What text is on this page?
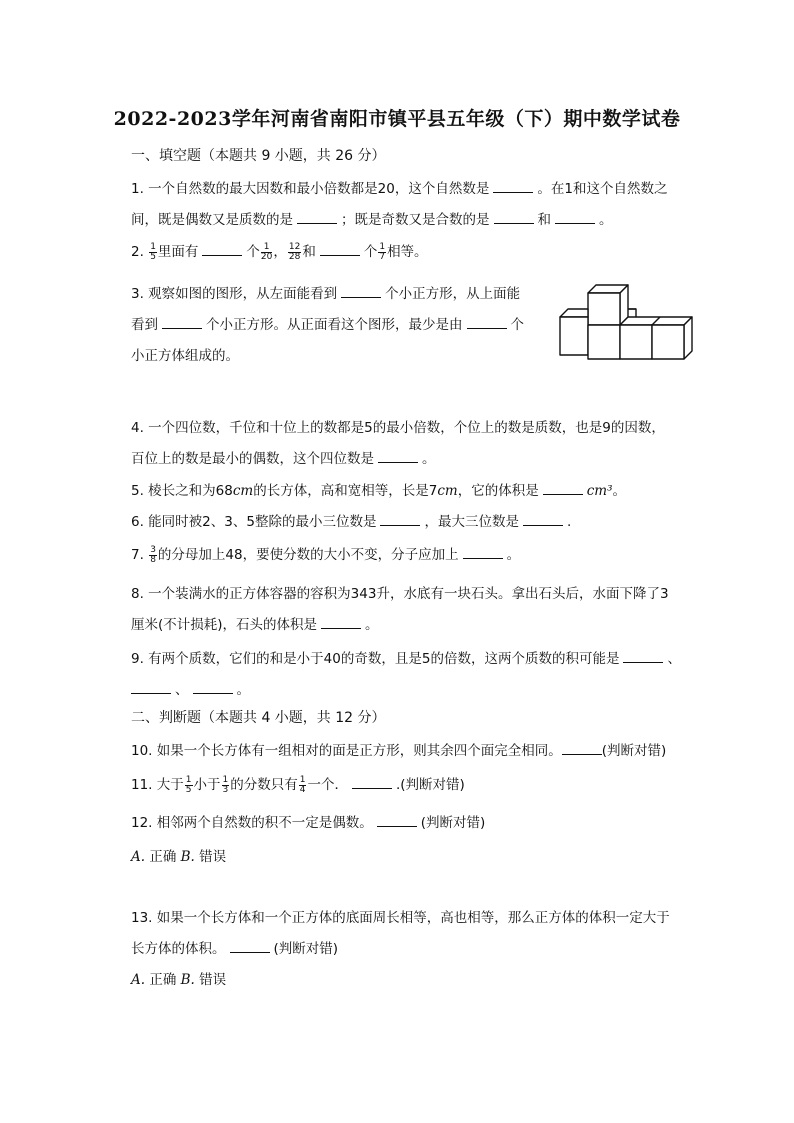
2022-2023学年河南省南阳市镇平县五年级（下）期中数学试卷
一、填空题（本题共 9 小题，共 26 分）
1. 一个自然数的最大因数和最小倍数都是20，这个自然数是	。在1和这个自然数之
间，既是偶数又是质数的是	；既是奇数又是合数的是	和	。
2. $\frac{1}{5}$ 里面有	个 $\frac{1}{20}$ ， $\frac{12}{28}$ 和	个 $\frac{1}{7}$ 相等。
3. 观察如图的图形，从左面能看到	个小正方形，从上面能
看到	个小正方形。从正面看这个图形，最少是由	个
小正方体组成的。
4. 一个四位数，千位和十位上的数都是5的最小倍数，个位上的数是质数，也是9的因数，
百位上的数是最小的偶数，这个四位数是	。
5. 棱长之和为68cm的长方体，高和宽相等，长是7cm，它的体积是	cm³。
6. 能同时被2、3、5整除的最小三位数是	，最大三位数是	.
7. $\frac{3}{8}$ 的分母加上48，要使分数的大小不变，分子应加上	。
8. 一个装满水的正方体容器的容积为343升，水底有一块石头。拿出石头后，水面下降了3
厘米(不计损耗)，石头的体积是	。
9. 有两个质数，它们的和是小于40的奇数，且是5的倍数，这两个质数的积可能是	、
、	。
二、判断题（本题共 4 小题，共 12 分）
10. 如果一个长方体有一组相对的面是正方形，则其余四个面完全相同。	(判断对错)
11. 大于 $\frac{1}{5}$ 小于 $\frac{1}{3}$ 的分数只有 $\frac{1}{4}$ 一个．	.(判断对错)
12. 相邻两个自然数的积不一定是偶数。	(判断对错)
A. 正确 B. 错误
13. 如果一个长方体和一个正方体的底面周长相等，高也相等，那么正方体的体积一定大于
长方体的体积。	(判断对错)
A. 正确 B. 错误
